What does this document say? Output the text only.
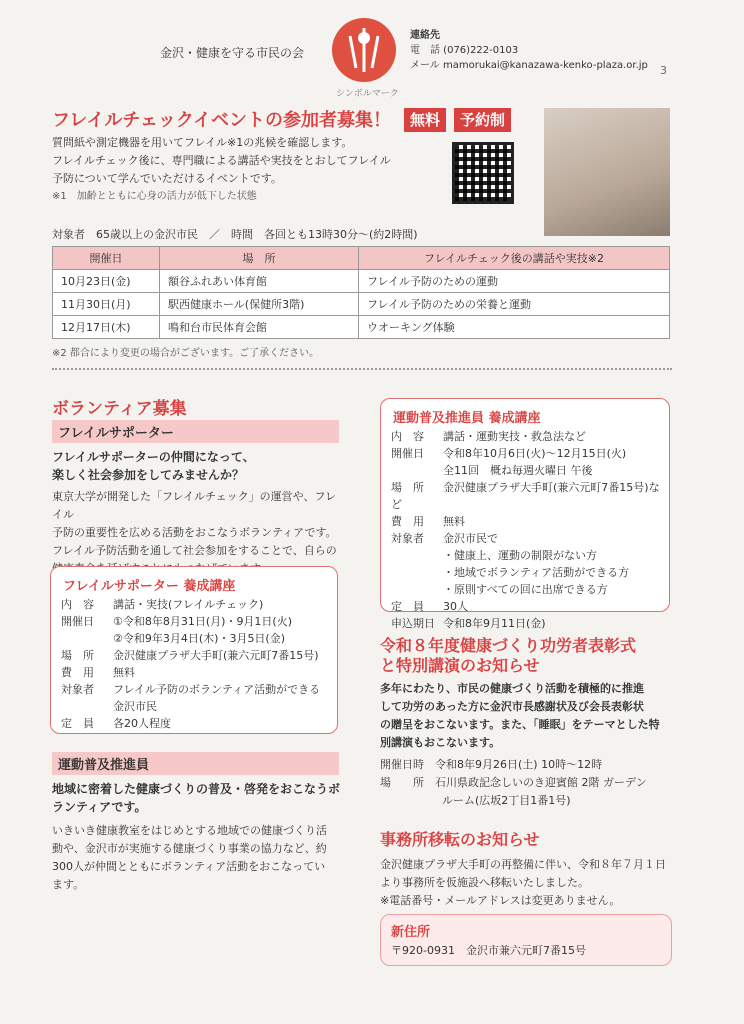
金沢・健康を守る市民の会
シンボルマーク
連絡先
電　話 (076)222-0103
メール mamorukai@kanazawa-kenko-plaza.or.jp 3
フレイルチェックイベントの参加者募集！	無料	予約制
質問紙や測定機器を用いてフレイル※1の兆候を確認します。
フレイルチェック後に、専門職による講話や実技をとおしてフレイル
予防について学んでいただけるイベントです。
※1　加齢とともに心身の活力が低下した状態
対象者　65歳以上の金沢市民　／　時間　各回とも13時30分〜(約2時間)
開催日	場　所	フレイルチェック後の講話や実技※2
10月23日(金)	額谷ふれあい体育館	フレイル予防のための運動
11月30日(月)	駅西健康ホール(保健所3階)	フレイル予防のための栄養と運動
12月17日(木)	鳴和台市民体育会館	ウオーキング体験
※2 都合により変更の場合がございます。ご了承ください。
ボランティア募集
フレイルサポーター
フレイルサポーターの仲間になって、
楽しく社会参加をしてみませんか？
東京大学が開発した「フレイルチェック」の運営や、フレイル
予防の重要性を広める活動をおこなうボランティアです。
フレイル予防活動を通して社会参加をすることで、自らの
フレイルサポーター 養成講座
内　容 講話・実技(フレイルチェック)
開催日 ①令和8年8月31日(月)・9月1日(火)
②令和9年3月4日(木)・3月5日(金)
場　所 金沢健康プラザ大手町(兼六元町7番15号)
費　用 無料
対象者 フレイル予防のボランティア活動ができる
金沢市民
定　員 各20人程度
運動普及推進員
地域に密着した健康づくりの普及・啓発をおこなうボ
ランティアです。
いきいき健康教室をはじめとする地域での健康づくり活
動や、金沢市が実施する健康づくり事業の協力など、約
300人が仲間とともにボランティア活動をおこなってい
ます。
運動普及推進員 養成講座
内　容 講話・運動実技・救急法など
開催日 令和8年10月6日(火)〜12月15日(火)
全11回　概ね毎週火曜日 午後
場　所 金沢健康プラザ大手町(兼六元町7番15号)など
費　用 無料
対象者 金沢市民で
・健康上、運動の制限がない方
・地域でボランティア活動ができる方
・原則すべての回に出席できる方
定　員 30人
申込期日 令和8年9月11日(金)
令和８年度健康づくり功労者表彰式
と特別講演のお知らせ
多年にわたり、市民の健康づくり活動を積極的に推進
して功労のあった方に金沢市長感謝状及び会長表彰状
の贈呈をおこないます。また、「睡眠」をテーマとした特
別講演もおこないます。
開催日時　令和8年9月26日(土) 10時〜12時
場　　所　石川県政記念しいのき迎賓館 2階 ガーデン
ルーム(広坂2丁目1番1号)
事務所移転のお知らせ
金沢健康プラザ大手町の再整備に伴い、令和８年７月１日
より事務所を仮施設へ移転いたしました。
※電話番号・メールアドレスは変更ありません。
新住所
〒920-0931　金沢市兼六元町7番15号
